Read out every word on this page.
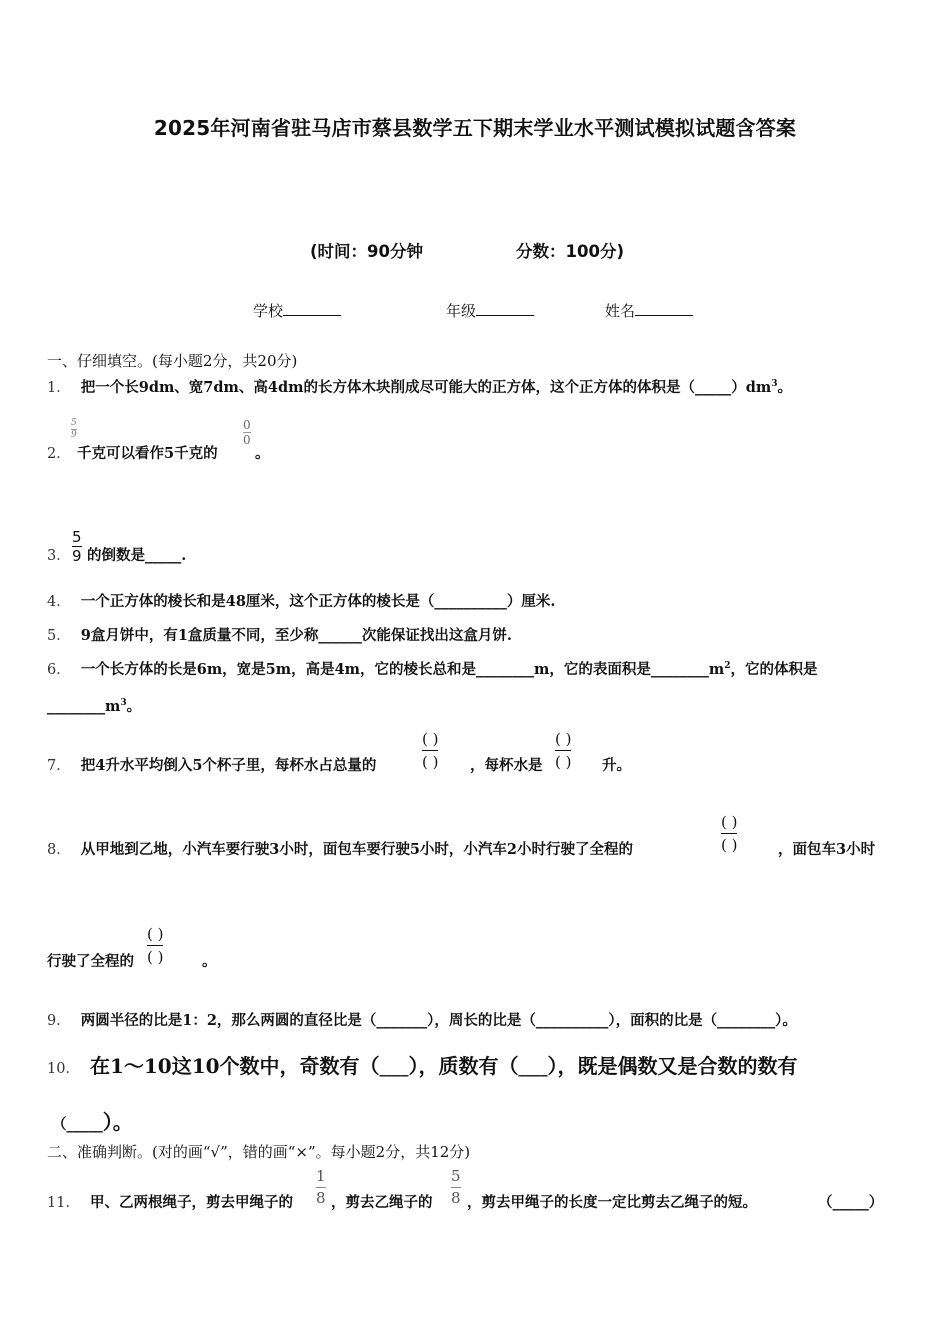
2025年河南省驻马店市蔡县数学五下期末学业水平测试模拟试题含答案
(时间：90分钟	分数：100分)
学校	年级	姓名
一、仔细填空。(每小题2分，共20分)
1． 把一个长9dm、宽7dm、高4dm的长方体木块削成尽可能大的正方体，这个正方体的体积是$(\_\_\_\_\_)dm^3$。
2．
$\frac{5}{9}$
千克可以看作5千克的
$\frac{0}{0}$
。
3． $\frac{5}{9}$ 的倒数是_____.
4． 一个正方体的棱长和是48厘米，这个正方体的棱长是（__________）厘米.
5． 9盒月饼中，有1盒质量不同，至少称______次能保证找出这盒月饼.
6． 一个长方体的长是6m，宽是5m，高是4m，它的棱长总和是________m，它的表面积是$\_\_\_\_\_\_\_\_m^2$，它的体积是
$\_\_\_\_\_\_\_\_m^3$。
7． 把4升水平均倒入5个杯子里，每杯水占总量的
( )
( ) ，每杯水是
( )
( ) 升。
8． 从甲地到乙地，小汽车要行驶3小时，面包车要行驶5小时，小汽车2小时行驶了全程的
( )
( )	，面包车3小时
行驶了全程的
( )
( )	。
9． 两圆半径的比是1：2，那么两圆的直径比是（_______），周长的比是（__________），面积的比是（________）。
10． 在1～10这10个数中，奇数有（____），质数有（____），既是偶数又是合数的数有
（_____）。
二、准确判断。(对的画“√”，错的画“×”。每小题2分，共12分)
11． 甲、乙两根绳子，剪去甲绳子的 $\frac{1}{8}$ ，剪去乙绳子的 $\frac{5}{8}$ ，剪去甲绳子的长度一定比剪去乙绳子的短。	（_____）
